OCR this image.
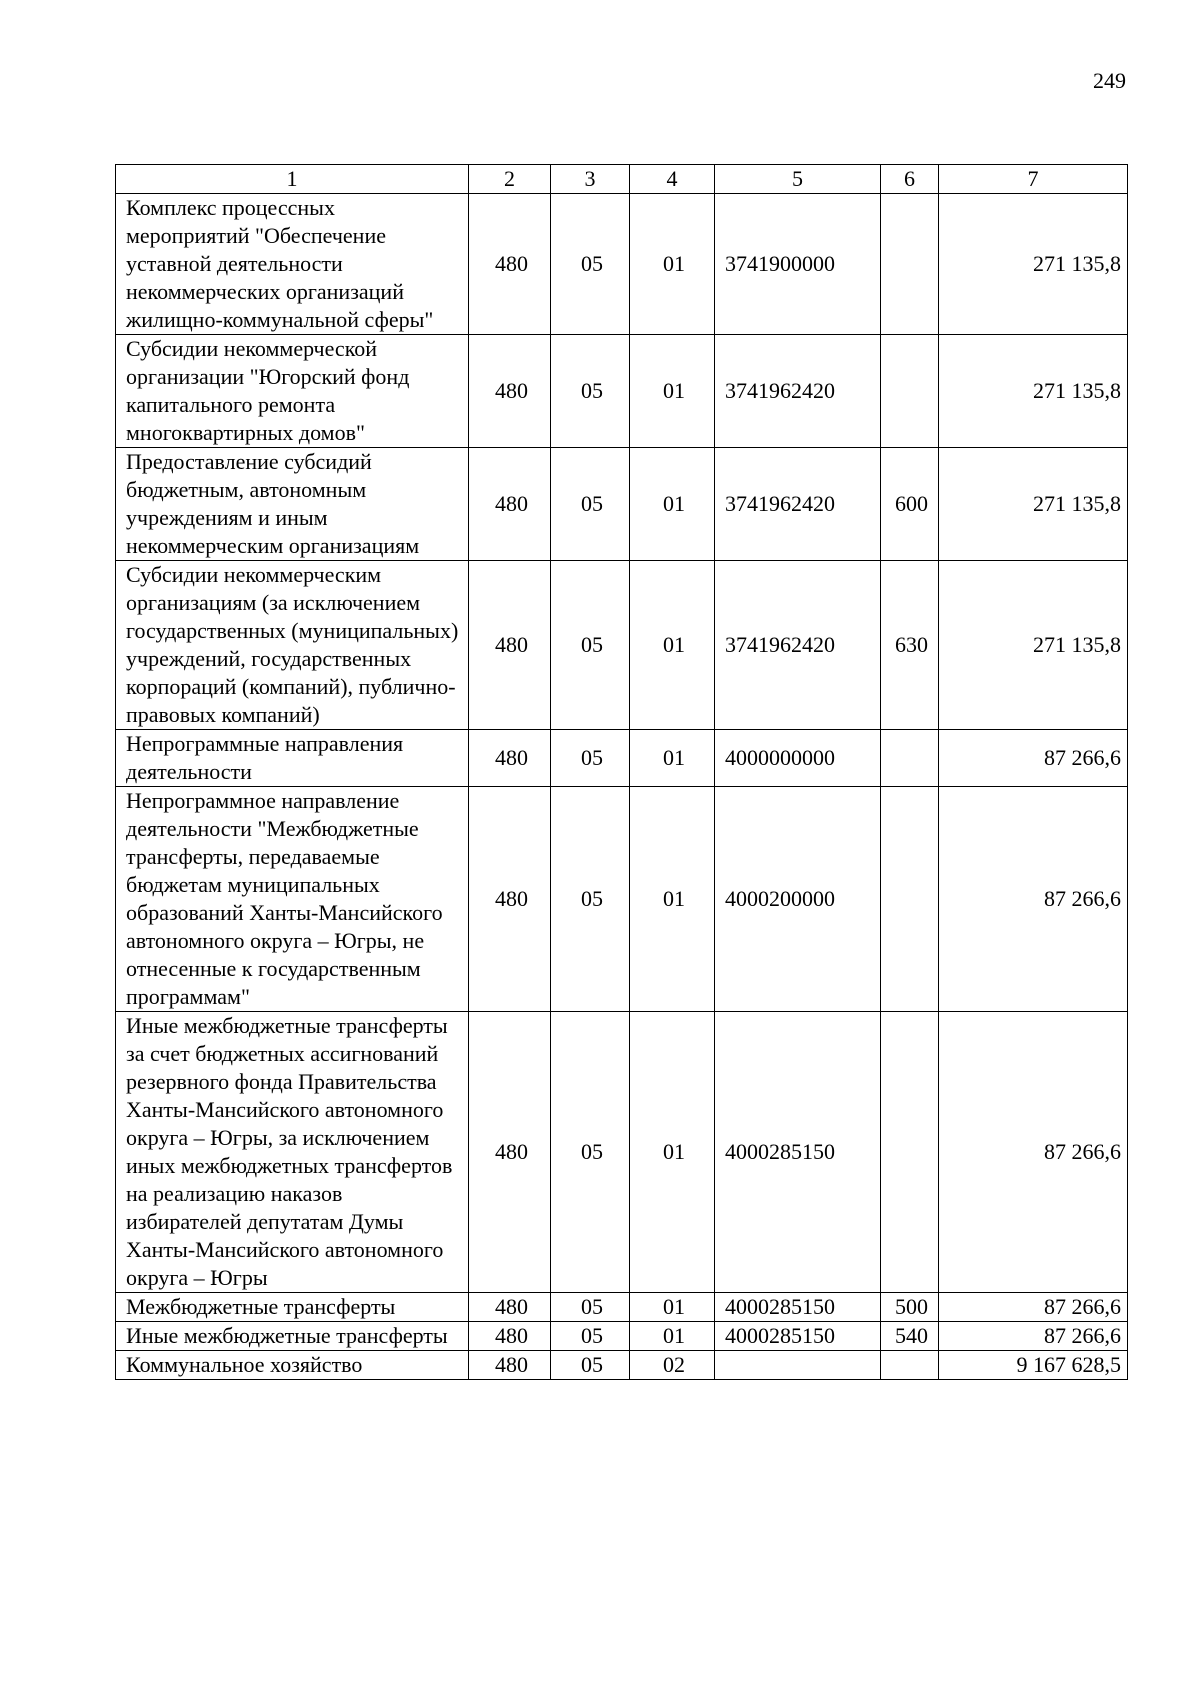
249
1	2	3	4	5	6	7
Комплекс процессных мероприятий "Обеспечение уставной деятельности некоммерческих организаций жилищно-коммунальной сферы"	480	05	01	3741900000		271 135,8
Субсидии некоммерческой организации "Югорский фонд капитального ремонта многоквартирных домов"	480	05	01	3741962420		271 135,8
Предоставление субсидий бюджетным, автономным учреждениям и иным некоммерческим организациям	480	05	01	3741962420	600	271 135,8
Субсидии некоммерческим организациям (за исключением государственных (муниципальных) учреждений, государственных корпораций (компаний), публично-правовых компаний)	480	05	01	3741962420	630	271 135,8
Непрограммные направления деятельности	480	05	01	4000000000		87 266,6
Непрограммное направление деятельности "Межбюджетные трансферты, передаваемые бюджетам муниципальных образований Ханты-Мансийского автономного округа – Югры, не отнесенные к государственным программам"	480	05	01	4000200000		87 266,6
Иные межбюджетные трансферты за счет бюджетных ассигнований резервного фонда Правительства Ханты-Мансийского автономного округа – Югры, за исключением иных межбюджетных трансфертов на реализацию наказов избирателей депутатам Думы Ханты-Мансийского автономного округа – Югры	480	05	01	4000285150		87 266,6
Межбюджетные трансферты	480	05	01	4000285150	500	87 266,6
Иные межбюджетные трансферты	480	05	01	4000285150	540	87 266,6
Коммунальное хозяйство	480	05	02			9 167 628,5
